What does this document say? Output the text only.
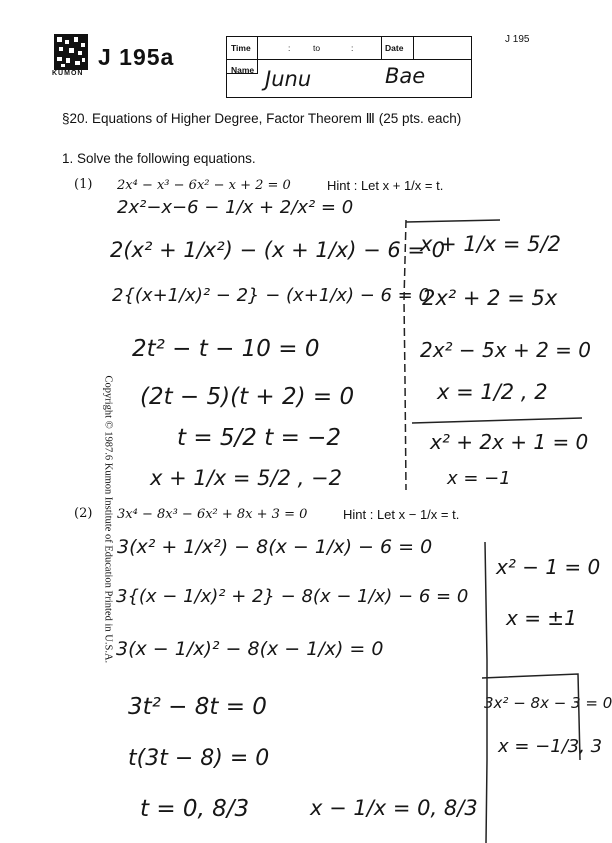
KUMON
J 195a
J 195
Time	:	to	:	Date
Name Junu	Bae
§20. Equations of Higher Degree, Factor Theorem Ⅲ (25 pts. each)
1. Solve the following equations.
(1) 2x⁴ − x³ − 6x² − x + 2 = 0	Hint : Let x + 1/x = t.
2x²−x−6 − 1/x + 2/x² = 0
2(x² + 1/x²) − (x + 1/x) − 6 = 0
2{(x+1/x)² − 2} − (x+1/x) − 6 = 0
2t² − t − 10 = 0
(2t − 5)(t + 2) = 0
t = 5/2 t = −2
x + 1/x = 5/2 , −2
x + 1/x = 5/2
2x² + 2 = 5x
2x² − 5x + 2 = 0
x = 1/2 , 2
x² + 2x + 1 = 0
x = −1
(2) 3x⁴ − 8x³ − 6x² + 8x + 3 = 0	Hint : Let x − 1/x = t.
3(x² + 1/x²) − 8(x − 1/x) − 6 = 0
3{(x − 1/x)² + 2} − 8(x − 1/x) − 6 = 0
3(x − 1/x)² − 8(x − 1/x) = 0
3t² − 8t = 0
t(3t − 8) = 0
t = 0, 8/3	x − 1/x = 0, 8/3
x² − 1 = 0
x = ±1
3x² − 8x − 3 = 0
x = −1/3, 3
Copyright © 1987.6 Kumon Institute of Education Printed in U.S.A.
